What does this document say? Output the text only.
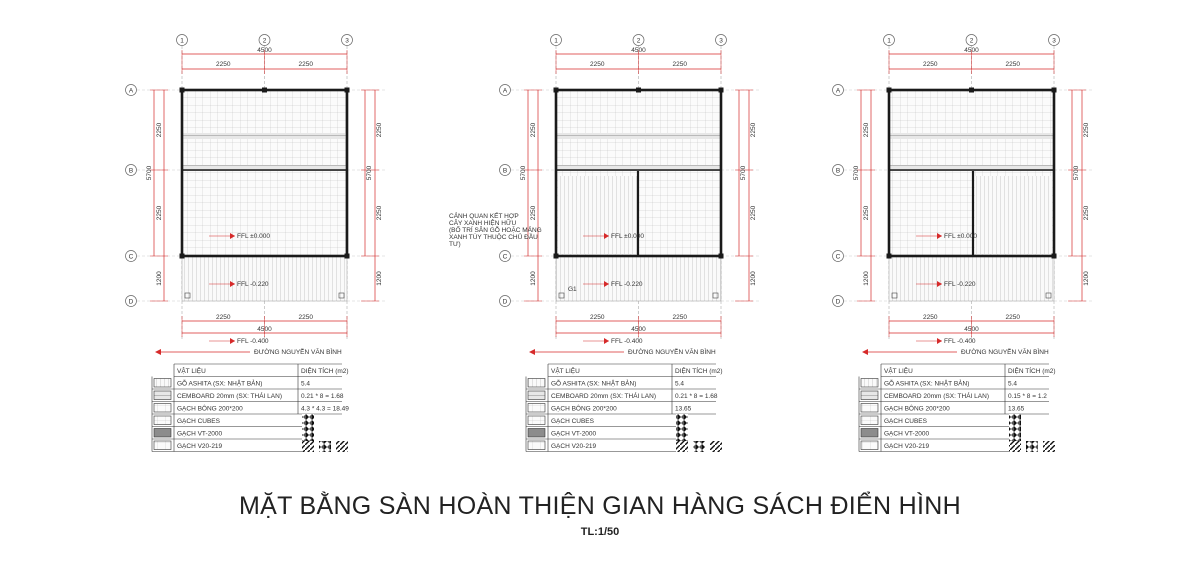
1	2	3
A
B
C
D
4500
2250	2250
2250	2250
4500
2250
2250
1200
5700
2250
2250
1200
5700
FFL ±0.000
FFL -0.220
FFL -0.400
ĐƯỜNG NGUYỄN VĂN BÌNH
VẬT LIỆU	DIỆN TÍCH (m2)
GỖ ASHITA (SX: NHẬT BẢN)	5.4
CEMBOARD 20mm (SX: THÁI LAN)	0.21 * 8 = 1.68
GẠCH BÔNG 200*200	4.3 * 4.3 = 18.49
GẠCH CUBES
GẠCH VT-2000
GẠCH V20-219
1	2	3
A
B
C
D
4500
2250	2250
2250	2250
4500
2250
2250
1200
5700
2250
2250
1200
5700
FFL ±0.000
FFL -0.220
FFL -0.400
ĐƯỜNG NGUYỄN VĂN BÌNH
G1
VẬT LIỆU	DIỆN TÍCH (m2)
GỖ ASHITA (SX: NHẬT BẢN)	5.4
CEMBOARD 20mm (SX: THÁI LAN)	0.21 * 8 = 1.68
GẠCH BÔNG 200*200	13.65
GẠCH CUBES
GẠCH VT-2000
GẠCH V20-219
1	2	3
A
B
C
D
4500
2250	2250
2250	2250
4500
2250
2250
1200
5700
2250
2250
1200
5700
FFL ±0.000
FFL -0.220
FFL -0.400
ĐƯỜNG NGUYỄN VĂN BÌNH
VẬT LIỆU	DIỆN TÍCH (m2)
GỖ ASHITA (SX: NHẬT BẢN)	5.4
CEMBOARD 20mm (SX: THÁI LAN)	0.15 * 8 = 1.2
GẠCH BÔNG 200*200	13.65
GẠCH CUBES
GẠCH VT-2000
GẠCH V20-219
CẢNH QUAN KẾT HỢP
CÂY XANH HIỆN HỮU
(BỐ TRÍ SÂN GỖ HOẶC MẢNG
XANH TÙY THUỘC CHỦ ĐẦU
TƯ)
MẶT BẰNG SÀN HOÀN THIỆN GIAN HÀNG SÁCH ĐIỂN HÌNH
TL:1/50
